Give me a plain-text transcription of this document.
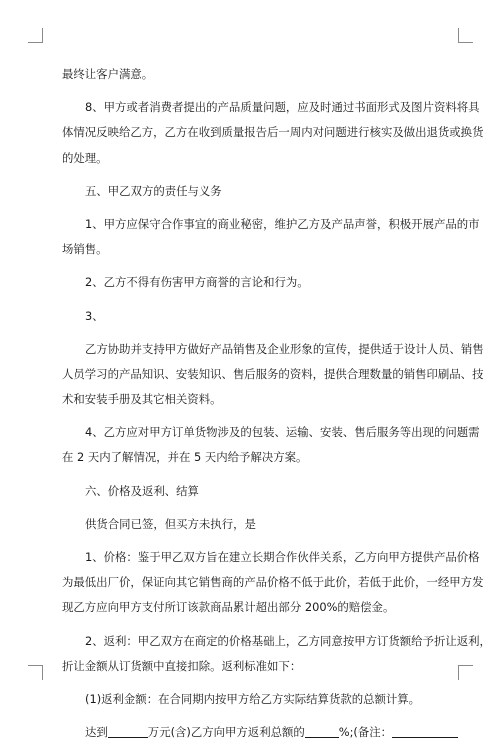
最终让客户满意。

8、甲方或者消费者提出的产品质量问题，应及时通过书面形式及图片资料将具

体情况反映给乙方，乙方在收到质量报告后一周内对问题进行核实及做出退货或换货

的处理。

五、甲乙双方的责任与义务

1、甲方应保守合作事宜的商业秘密，维护乙方及产品声誉，积极开展产品的市

场销售。

2、乙方不得有伤害甲方商誉的言论和行为。

3、

乙方协助并支持甲方做好产品销售及企业形象的宣传，提供适于设计人员、销售

人员学习的产品知识、安装知识、售后服务的资料，提供合理数量的销售印刷品、技

术和安装手册及其它相关资料。

4、乙方应对甲方订单货物涉及的包装、运输、安装、售后服务等出现的问题需

在 2 天内了解情况，并在 5 天内给予解决方案。

六、价格及返利、结算

供货合同已签，但买方未执行，是

1、价格：鉴于甲乙双方旨在建立长期合作伙伴关系，乙方向甲方提供产品价格

为最低出厂价，保证向其它销售商的产品价格不低于此价，若低于此价，一经甲方发

现乙方应向甲方支付所订该款商品累计超出部分 200%的赔偿金。

2、返利：甲乙双方在商定的价格基础上，乙方同意按甲方订货额给予折让返利，

折让金额从订货额中直接扣除。返利标准如下：

(1)返利金额：在合同期内按甲方给乙方实际结算货款的总额计算。

达到	万元(含)乙方向甲方返利总额的	%;(备注：
